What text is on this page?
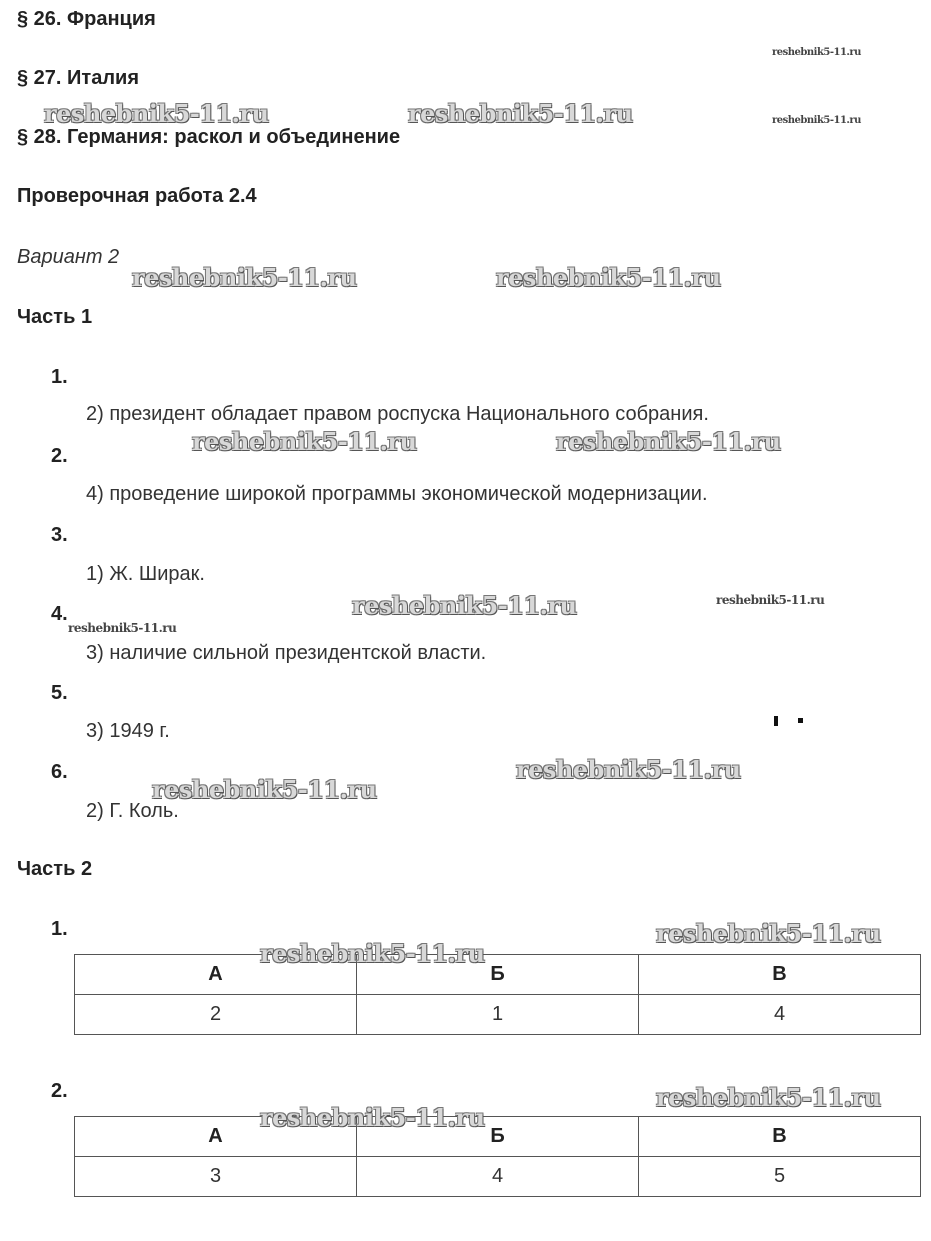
§ 26. Франция
§ 27. Италия
§ 28. Германия: раскол и объединение
Проверочная работа 2.4
Вариант 2
Часть 1
1.
2) президент обладает правом роспуска Национального собрания.
2.
4) проведение широкой программы экономической модернизации.
3.
1) Ж. Ширак.
4.
3) наличие сильной президентской власти.
5.
3) 1949 г.
6.
2) Г. Коль.
Часть 2
1.
А	Б	В
2	1	4
2.
А	Б	В
3	4	5
reshebnik5-11.ru
reshebnik5-11.ru
reshebnik5-11.ru	reshebnik5-11.ru
reshebnik5-11.ru	reshebnik5-11.ru
reshebnik5-11.ru	reshebnik5-11.ru
reshebnik5-11.ru	reshebnik5-11.ru
reshebnik5-11.ru
reshebnik5-11.ru
reshebnik5-11.ru
reshebnik5-11.ru
reshebnik5-11.ru
reshebnik5-11.ru
reshebnik5-11.ru
